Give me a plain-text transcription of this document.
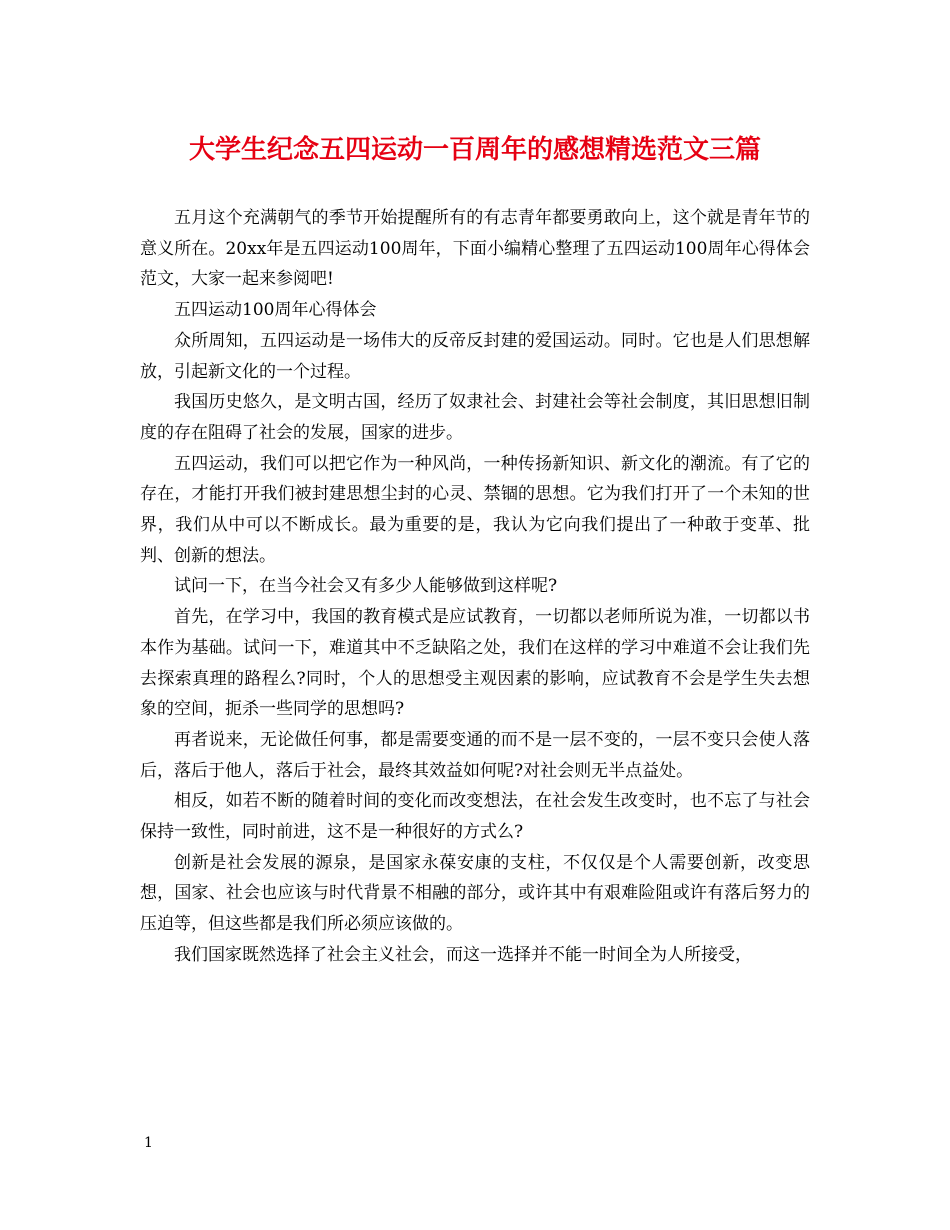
大学生纪念五四运动一百周年的感想精选范文三篇

五月这个充满朝气的季节开始提醒所有的有志青年都要勇敢向上，这个就是青年节的意义所在。20xx年是五四运动100周年，下面小编精心整理了五四运动100周年心得体会范文，大家一起来参阅吧!

五四运动100周年心得体会

众所周知，五四运动是一场伟大的反帝反封建的爱国运动。同时。它也是人们思想解放，引起新文化的一个过程。

我国历史悠久，是文明古国，经历了奴隶社会、封建社会等社会制度，其旧思想旧制度的存在阻碍了社会的发展，国家的进步。

五四运动，我们可以把它作为一种风尚，一种传扬新知识、新文化的潮流。有了它的存在，才能打开我们被封建思想尘封的心灵、禁锢的思想。它为我们打开了一个未知的世界，我们从中可以不断成长。最为重要的是，我认为它向我们提出了一种敢于变革、批判、创新的想法。

试问一下，在当今社会又有多少人能够做到这样呢?

首先，在学习中，我国的教育模式是应试教育，一切都以老师所说为准，一切都以书本作为基础。试问一下，难道其中不乏缺陷之处，我们在这样的学习中难道不会让我们先去探索真理的路程么?同时，个人的思想受主观因素的影响，应试教育不会是学生失去想象的空间，扼杀一些同学的思想吗?

再者说来，无论做任何事，都是需要变通的而不是一层不变的，一层不变只会使人落后，落后于他人，落后于社会，最终其效益如何呢?对社会则无半点益处。

相反，如若不断的随着时间的变化而改变想法，在社会发生改变时，也不忘了与社会保持一致性，同时前进，这不是一种很好的方式么?

创新是社会发展的源泉，是国家永葆安康的支柱，不仅仅是个人需要创新，改变思想，国家、社会也应该与时代背景不相融的部分，或许其中有艰难险阻或许有落后努力的压迫等，但这些都是我们所必须应该做的。

我们国家既然选择了社会主义社会，而这一选择并不能一时间全为人所接受，

1
